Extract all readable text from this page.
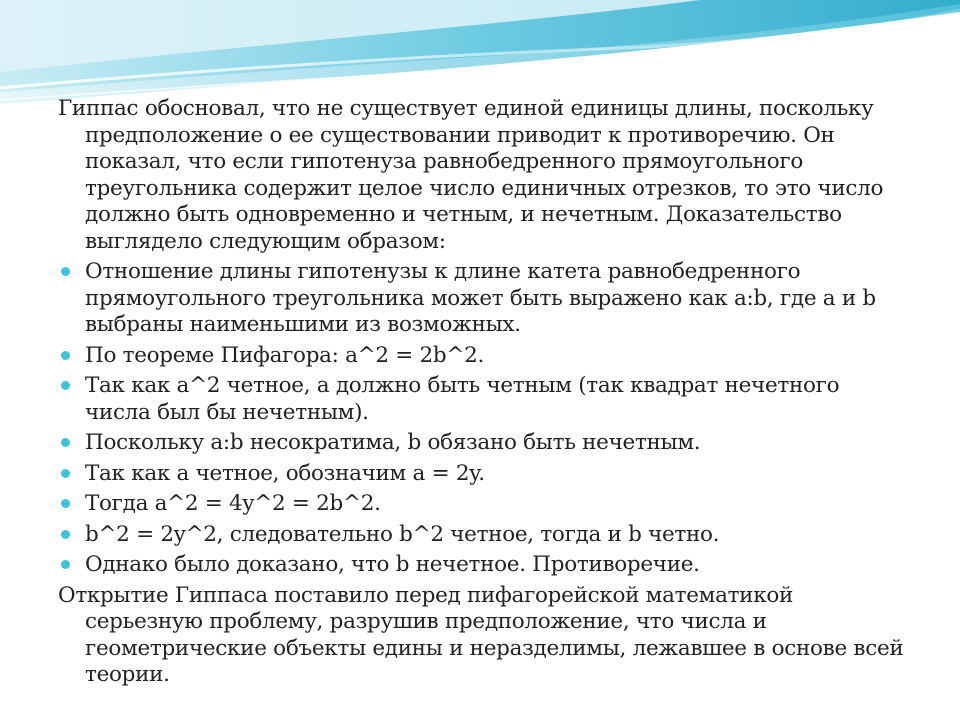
Гиппас обосновал, что не существует единой единицы длины, поскольку предположение о ее существовании приводит к противоречию. Он показал, что если гипотенуза равнобедренного прямоугольного треугольника содержит целое число единичных отрезков, то это число должно быть одновременно и четным, и нечетным. Доказательство выглядело следующим образом:

Отношение длины гипотенузы к длине катета равнобедренного прямоугольного треугольника может быть выражено как a:b, где a и b выбраны наименьшими из возможных.
По теореме Пифагора: a^2 = 2b^2.
Так как a^2 четное, a должно быть четным (так квадрат нечетного числа был бы нечетным).
Поскольку a:b несократима, b обязано быть нечетным.
Так как a четное, обозначим a = 2y.
Тогда a^2 = 4y^2 = 2b^2.
b^2 = 2y^2, следовательно b^2 четное, тогда и b четно.
Однако было доказано, что b нечетное. Противоречие.

Открытие Гиппаса поставило перед пифагорейской математикой серьезную проблему, разрушив предположение, что числа и геометрические объекты едины и неразделимы, лежавшее в основе всей теории.
